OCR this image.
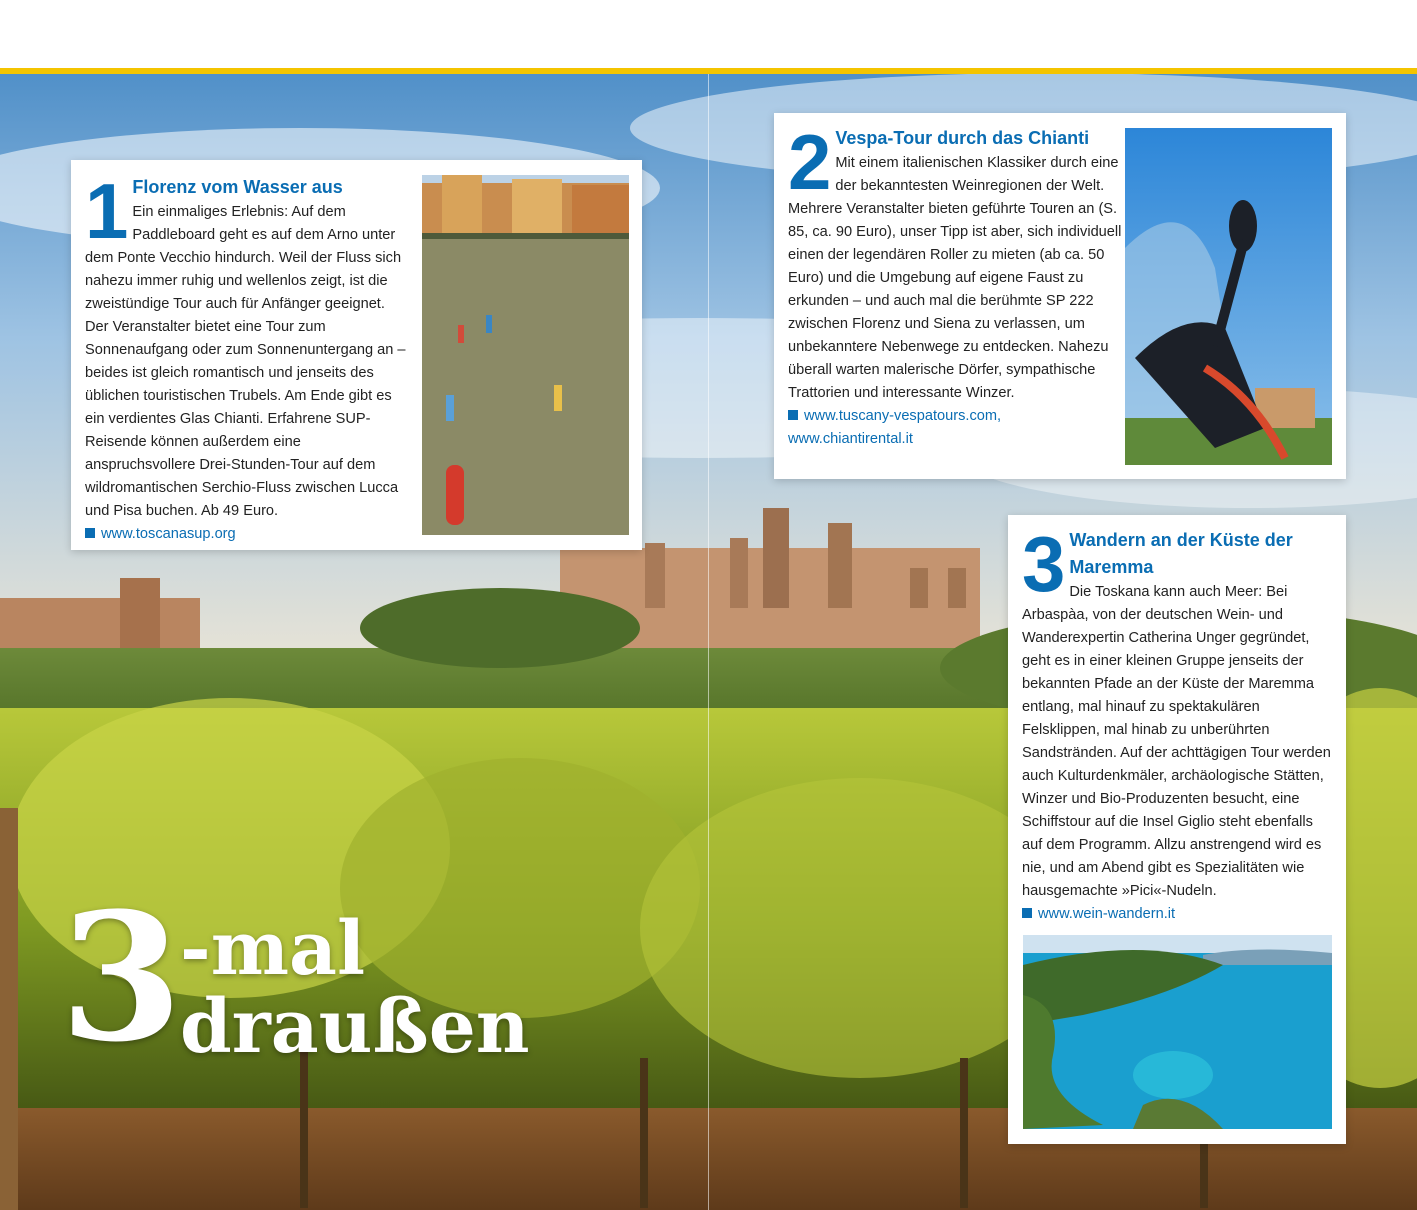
1 Florenz vom Wasser aus
Ein einmaliges Erlebnis: Auf dem Paddleboard geht es auf dem Arno unter dem Ponte Vecchio hindurch. Weil der Fluss sich nahezu immer ruhig und wellenlos zeigt, ist die zweistündige Tour auch für Anfänger geeignet. Der Veranstalter bietet eine Tour zum Sonnenaufgang oder zum Sonnenuntergang an – beides ist gleich romantisch und jenseits des üblichen touristischen Trubels. Am Ende gibt es ein verdientes Glas Chianti. Erfahrene SUP-Reisende können außerdem eine anspruchsvollere Drei-Stunden-Tour auf dem wildromantischen Serchio-Fluss zwischen Lucca und Pisa buchen. Ab 49 Euro.
www.toscanasup.org
2 Vespa-Tour durch das Chianti
Mit einem italienischen Klassiker durch eine der bekanntesten Weinregionen der Welt. Mehrere Veranstalter bieten geführte Touren an (S. 85, ca. 90 Euro), unser Tipp ist aber, sich individuell einen der legendären Roller zu mieten (ab ca. 50 Euro) und die Umgebung auf eigene Faust zu erkunden – und auch mal die berühmte SP 222 zwischen Florenz und Siena zu verlassen, um unbekanntere Nebenwege zu entdecken. Nahezu überall warten malerische Dörfer, sympathische Trattorien und interessante Winzer.
www.tuscany-vespatours.com,
www.chiantirental.it
3 Wandern an der Küste der Maremma
Die Toskana kann auch Meer: Bei Arbaspàa, von der deutschen Wein- und Wanderexpertin Catherina Unger gegründet, geht es in einer kleinen Gruppe jenseits der bekannten Pfade an der Küste der Maremma entlang, mal hinauf zu spektakulären Felsklippen, mal hinab zu unberührten Sandstränden. Auf der achttägigen Tour werden auch Kulturdenkmäler, archäologische Stätten, Winzer und Bio-Produzenten besucht, eine Schiffstour auf die Insel Giglio steht ebenfalls auf dem Programm. Allzu anstrengend wird es nie, und am Abend gibt es Spezialitäten wie hausgemachte »Pici«-Nudeln.
www.wein-wandern.it
3
-mal
draußen
